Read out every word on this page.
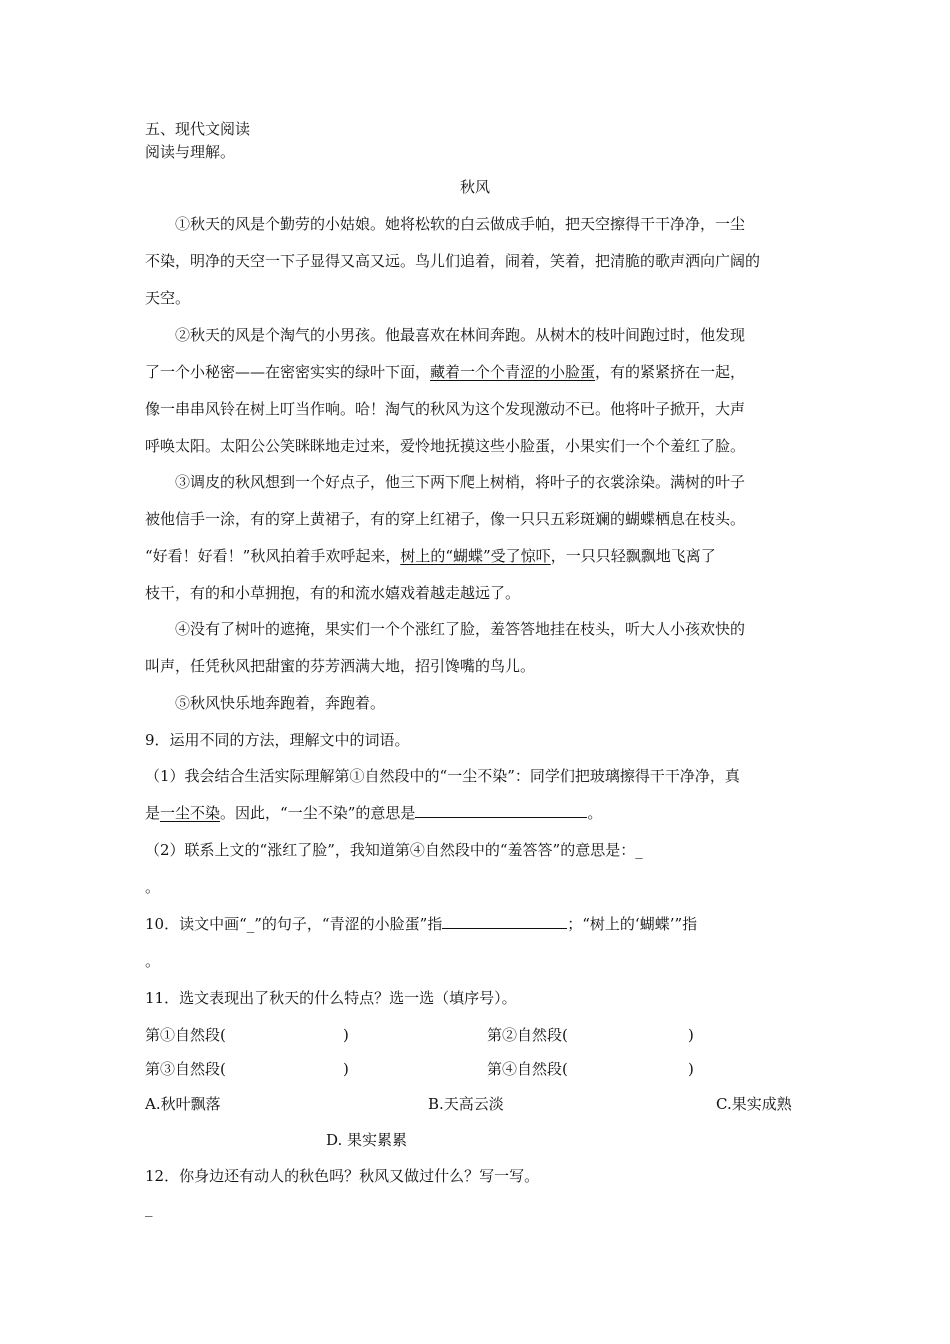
五、现代文阅读
阅读与理解。
秋风
①秋天的风是个勤劳的小姑娘。她将松软的白云做成手帕，把天空擦得干干净净，一尘
不染，明净的天空一下子显得又高又远。鸟儿们追着，闹着，笑着，把清脆的歌声洒向广阔的
天空。
②秋天的风是个淘气的小男孩。他最喜欢在林间奔跑。从树木的枝叶间跑过时，他发现
了一个小秘密——在密密实实的绿叶下面，藏着一个个青涩的小脸蛋，有的紧紧挤在一起，
像一串串风铃在树上叮当作响。哈！淘气的秋风为这个发现激动不已。他将叶子掀开，大声
呼唤太阳。太阳公公笑眯眯地走过来，爱怜地抚摸这些小脸蛋，小果实们一个个羞红了脸。
③调皮的秋风想到一个好点子，他三下两下爬上树梢，将叶子的衣裳涂染。满树的叶子
被他信手一涂，有的穿上黄裙子，有的穿上红裙子，像一只只五彩斑斓的蝴蝶栖息在枝头。
“好看！好看！”秋风拍着手欢呼起来，树上的“蝴蝶”受了惊吓，一只只轻飘飘地飞离了
枝干，有的和小草拥抱，有的和流水嬉戏着越走越远了。
④没有了树叶的遮掩，果实们一个个涨红了脸，羞答答地挂在枝头，听大人小孩欢快的
叫声，任凭秋风把甜蜜的芬芳洒满大地，招引馋嘴的鸟儿。
⑤秋风快乐地奔跑着，奔跑着。
9．运用不同的方法，理解文中的词语。
（1）我会结合生活实际理解第①自然段中的“一尘不染”：同学们把玻璃擦得干干净净，真
是一尘不染。因此，“一尘不染”的意思是	。
（2）联系上文的“涨红了脸”，我知道第④自然段中的“羞答答”的意思是：_
。
10．读文中画“_”的句子，“青涩的小脸蛋”指	；“树上的‘蝴蝶’”指
。
11．选文表现出了秋天的什么特点？选一选（填序号）。
第①自然段(	)	第②自然段(	)
第③自然段(	)	第④自然段(	)
A.秋叶飘落	B.天高云淡	C.果实成熟
D. 果实累累
12．你身边还有动人的秋色吗？秋风又做过什么？写一写。
_
